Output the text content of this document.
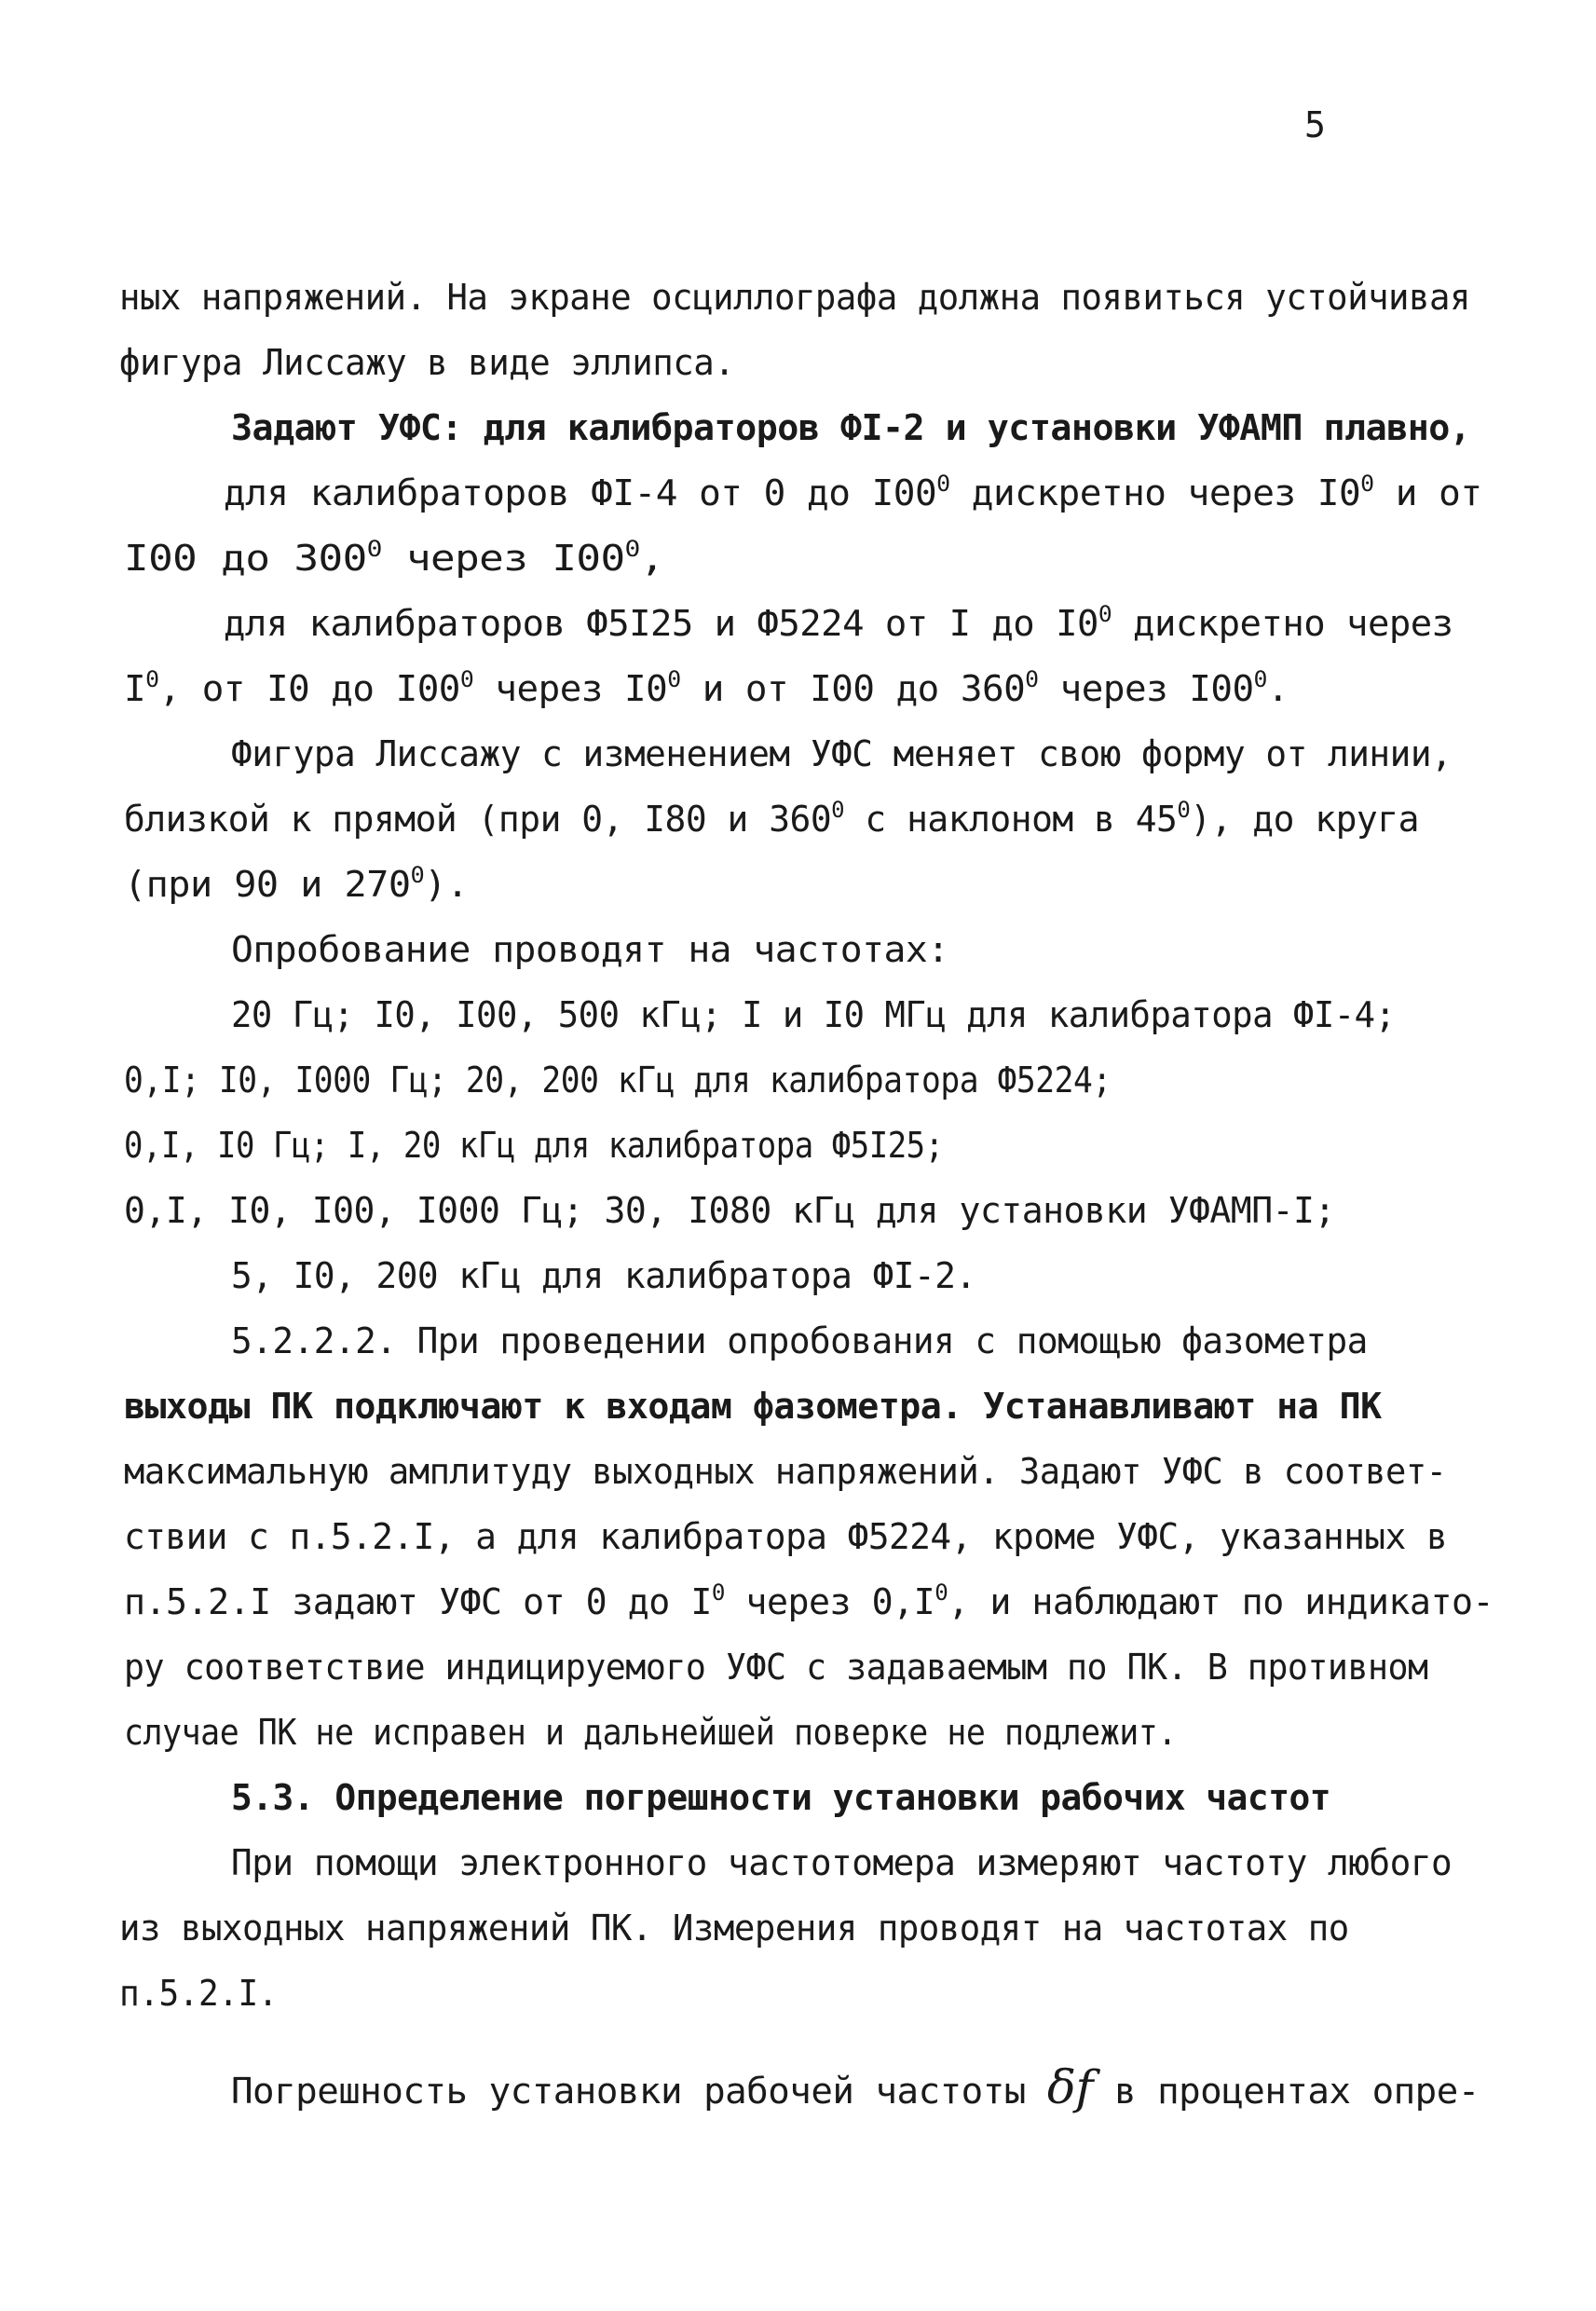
5
ных напряжений. На экране осциллографа должна появиться устойчивая
фигура Лиссажу в виде эллипса.
Задают УФС: для калибраторов ФI-2 и установки УФАМП плавно,
для калибраторов ФI-4 от 0 до $I00^0$ дискретно через $I0^0$ и от
I00 до $300^0$ через $I00^0$,
для калибраторов Ф5I25 и Ф5224 от I до $I0^0$ дискретно через
$I^0$, от I0 до $I00^0$ через $I0^0$ и от I00 до $360^0$ через $I00^0$.
Фигура Лиссажу с изменением УФС меняет свою форму от линии,
близкой к прямой (при 0, I80 и $360^0$ с наклоном в $45^0$), до круга
(при 90 и $270^0$).
Опробование проводят на частотах:
20 Гц; I0, I00, 500 кГц; I и I0 МГц для калибратора ФI-4;
0,I; I0, I000 Гц; 20, 200 кГц для калибратора Ф5224;
0,I, I0 Гц; I, 20 кГц для калибратора Ф5I25;
0,I, I0, I00, I000 Гц; 30, I080 кГц для установки УФАМП-I;
5, I0, 200 кГц для калибратора ФI-2.
5.2.2.2. При проведении опробования с помощью фазометра
выходы ПК подключают к входам фазометра. Устанавливают на ПК
максимальную амплитуду выходных напряжений. Задают УФС в соответ-
ствии с п.5.2.I, а для калибратора Ф5224, кроме УФС, указанных в
п.5.2.I задают УФС от 0 до $I^0$ через $0,I^0$, и наблюдают по индикато-
ру соответствие индицируемого УФС с задаваемым по ПК. В противном
случае ПК не исправен и дальнейшей поверке не подлежит.
5.3. Определение погрешности установки рабочих частот
При помощи электронного частотомера измеряют частоту любого
из выходных напряжений ПК. Измерения проводят на частотах по
п.5.2.I.
Погрешность установки рабочей частоты δf в процентах опре-
